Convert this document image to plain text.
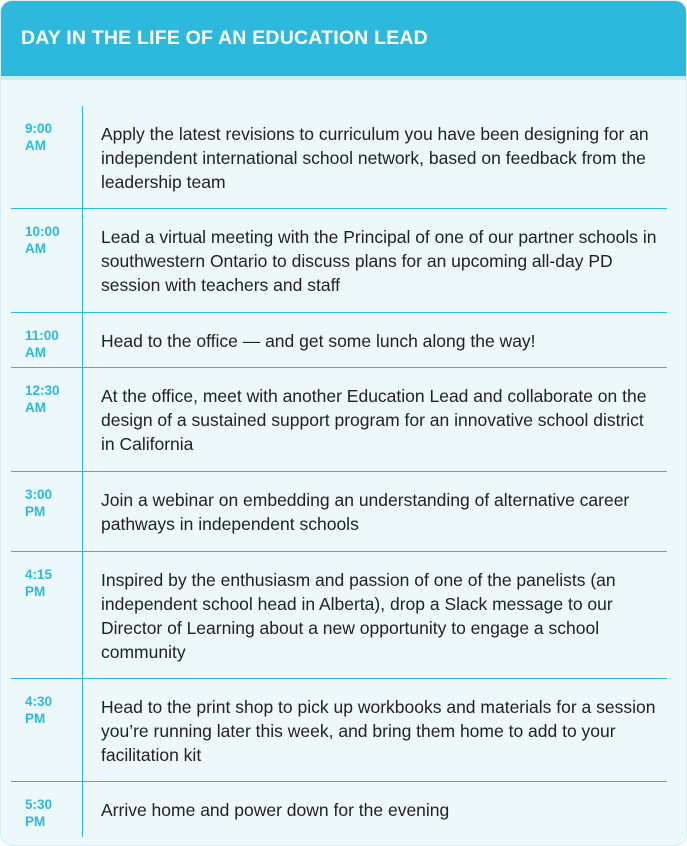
DAY IN THE LIFE OF AN EDUCATION LEAD
9:00
AM
Apply the latest revisions to curriculum you have been designing for an independent international school network, based on feedback from the leadership team
10:00
AM
Lead a virtual meeting with the Principal of one of our partner schools in southwestern Ontario to discuss plans for an upcoming all-day PD session with teachers and staff
11:00
AM
Head to the office — and get some lunch along the way!
12:30
AM
At the office, meet with another Education Lead and collaborate on the design of a sustained support program for an innovative school district in California
3:00
PM
Join a webinar on embedding an understanding of alternative career pathways in independent schools
4:15
PM
Inspired by the enthusiasm and passion of one of the panelists (an independent school head in Alberta), drop a Slack message to our Director of Learning about a new opportunity to engage a school community
4:30
PM
Head to the print shop to pick up workbooks and materials for a session you’re running later this week, and bring them home to add to your facilitation kit
5:30
PM
Arrive home and power down for the evening
